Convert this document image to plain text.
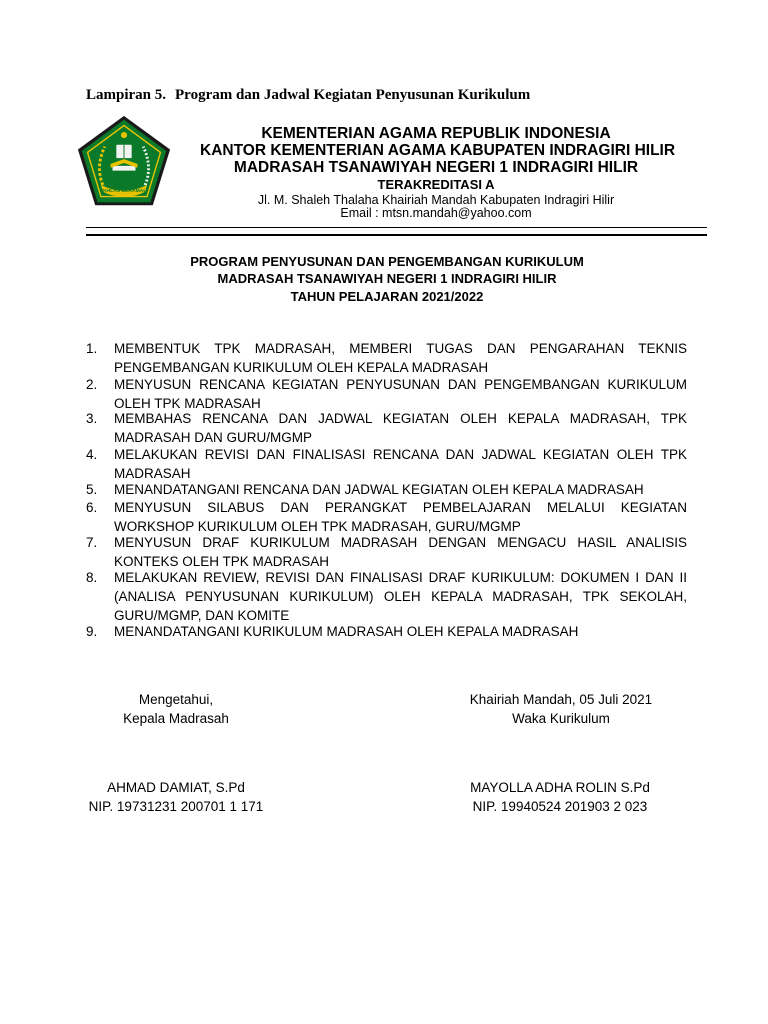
Lampiran 5. Program dan Jadwal Kegiatan Penyusunan Kurikulum
IKHLAS BERAMAL
KEMENTERIAN AGAMA REPUBLIK INDONESIA
KANTOR KEMENTERIAN AGAMA KABUPATEN INDRAGIRI HILIR
MADRASAH TSANAWIYAH NEGERI 1 INDRAGIRI HILIR
TERAKREDITASI A
Jl. M. Shaleh Thalaha Khairiah Mandah Kabupaten Indragiri Hilir
Email : mtsn.mandah@yahoo.com
PROGRAM PENYUSUNAN DAN PENGEMBANGAN KURIKULUM
MADRASAH TSANAWIYAH NEGERI 1 INDRAGIRI HILIR
TAHUN PELAJARAN 2021/2022
1. MEMBENTUK TPK MADRASAH, MEMBERI TUGAS DAN PENGARAHAN TEKNIS PENGEMBANGAN KURIKULUM OLEH KEPALA MADRASAH
2. MENYUSUN RENCANA KEGIATAN PENYUSUNAN DAN PENGEMBANGAN KURIKULUM OLEH TPK MADRASAH
3. MEMBAHAS RENCANA DAN JADWAL KEGIATAN OLEH KEPALA MADRASAH, TPK MADRASAH DAN GURU/MGMP
4. MELAKUKAN REVISI DAN FINALISASI RENCANA DAN JADWAL KEGIATAN OLEH TPK MADRASAH
5. MENANDATANGANI RENCANA DAN JADWAL KEGIATAN OLEH KEPALA MADRASAH
6. MENYUSUN SILABUS DAN PERANGKAT PEMBELAJARAN MELALUI KEGIATAN WORKSHOP KURIKULUM OLEH TPK MADRASAH, GURU/MGMP
7. MENYUSUN DRAF KURIKULUM MADRASAH DENGAN MENGACU HASIL ANALISIS KONTEKS OLEH TPK MADRASAH
8. MELAKUKAN REVIEW, REVISI DAN FINALISASI DRAF KURIKULUM: DOKUMEN I DAN II (ANALISA PENYUSUNAN KURIKULUM) OLEH KEPALA MADRASAH, TPK SEKOLAH, GURU/MGMP, DAN KOMITE
9. MENANDATANGANI KURIKULUM MADRASAH OLEH KEPALA MADRASAH
Mengetahui,
Kepala Madrasah
Khairiah Mandah, 05 Juli 2021
Waka Kurikulum
AHMAD DAMIAT, S.Pd
NIP. 19731231 200701 1 171
MAYOLLA ADHA ROLIN S.Pd
NIP. 19940524 201903 2 023
